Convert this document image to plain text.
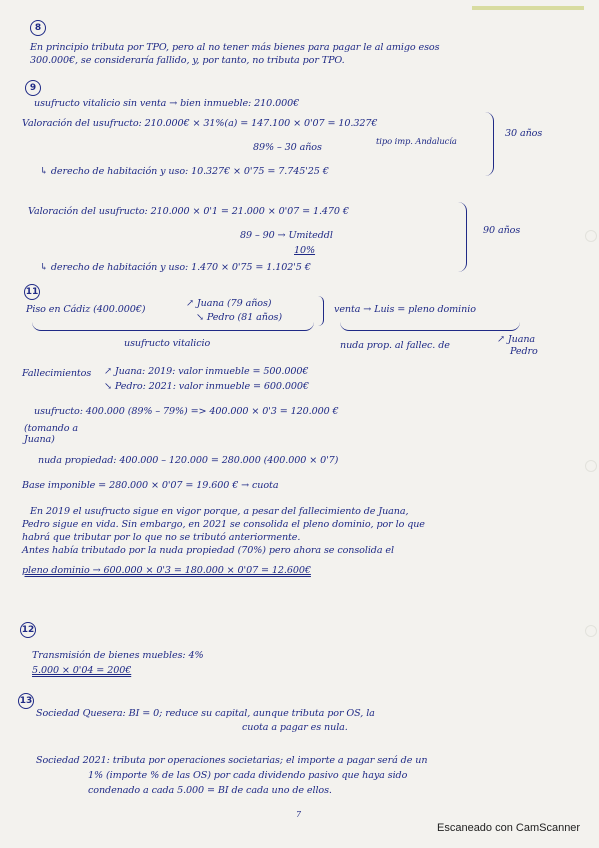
8
En principio tributa por TPO, pero al no tener más bienes para pagar le al amigo esos
300.000€, se consideraría fallido, y, por tanto, no tributa por TPO.
9
usufructo vitalicio sin venta → bien inmueble: 210.000€
Valoración del usufructo: 210.000€ × 31%(a) = 147.100 × 0'07 = 10.327€
89% – 30 años
tipo imp. Andalucía
↳ derecho de habitación y uso: 10.327€ × 0'75 = 7.745'25 €
30 años
Valoración del usufructo: 210.000 × 0'1 = 21.000 × 0'07 = 1.470 €
89 – 90 → Umiteddl
10%
↳ derecho de habitación y uso: 1.470 × 0'75 = 1.102'5 €
90 años
11
Piso en Cádiz (400.000€)
↗ Juana (79 años)
↘ Pedro (81 años)
venta → Luis = pleno dominio
usufructo vitalicio	nuda prop. al fallec. de
↗ Juana
Pedro
Fallecimientos ↗ Juana: 2019: valor inmueble = 500.000€
↘ Pedro: 2021: valor inmueble = 600.000€
usufructo: 400.000 (89% – 79%) => 400.000 × 0'3 = 120.000 €
(tomando a Juana)
nuda propiedad: 400.000 – 120.000 = 280.000 (400.000 × 0'7)
Base imponible = 280.000 × 0'07 = 19.600 € → cuota
En 2019 el usufructo sigue en vigor porque, a pesar del fallecimiento de Juana,
Pedro sigue en vida. Sin embargo, en 2021 se consolida el pleno dominio, por lo que
habrá que tributar por lo que no se tributó anteriormente.
Antes había tributado por la nuda propiedad (70%) pero ahora se consolida el
pleno dominio → 600.000 × 0'3 = 180.000 × 0'07 = 12.600€
12
Transmisión de bienes muebles: 4%
5.000 × 0'04 = 200€
13
Sociedad Quesera: BI = 0; reduce su capital, aunque tributa por OS, la
cuota a pagar es nula.
Sociedad 2021: tributa por operaciones societarias; el importe a pagar será de un
1% (importe % de las OS) por cada dividendo pasivo que haya sido
condenado a cada 5.000 = BI de cada uno de ellos.
7
Escaneado con CamScanner
